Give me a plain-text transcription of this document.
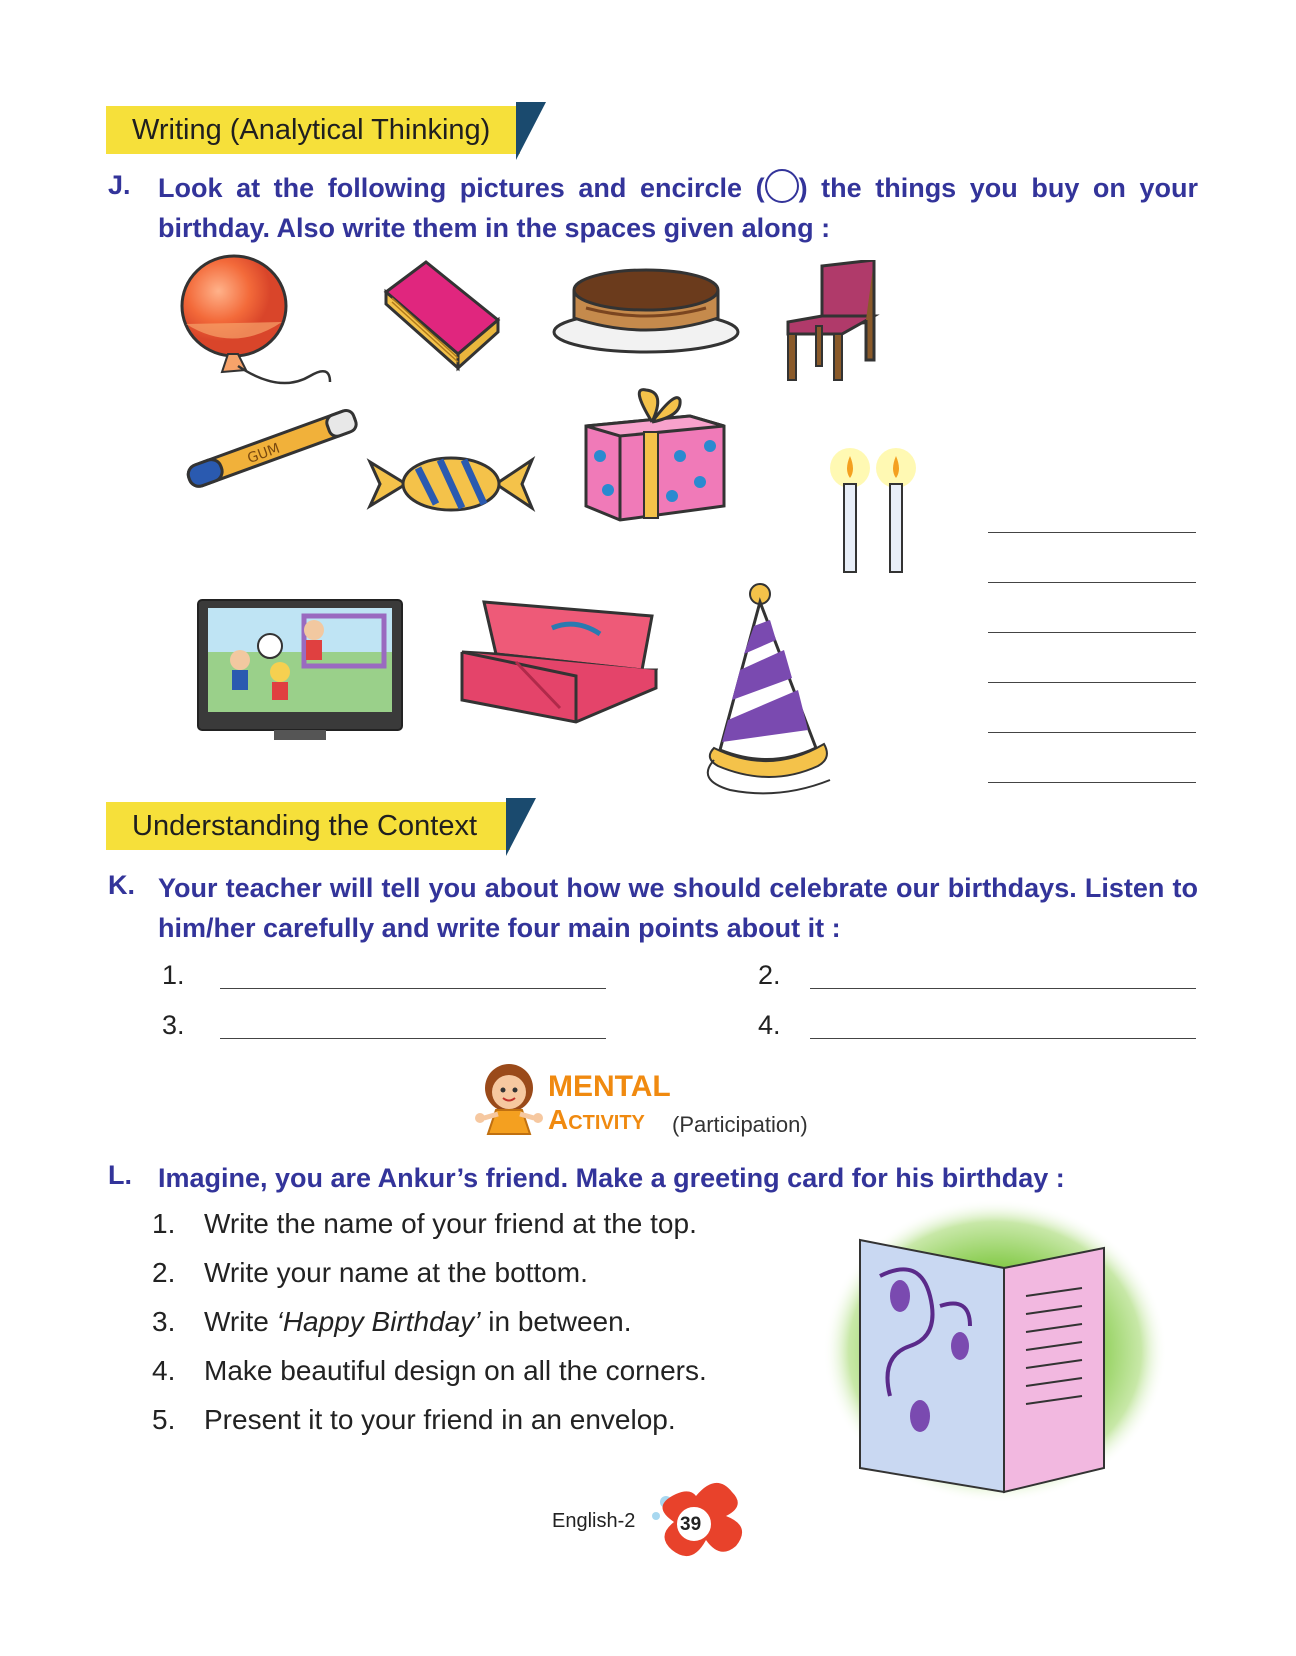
Writing (Analytical Thinking)
J. Look at the following pictures and encircle ( ) the things you buy on your birthday. Also write them in the spaces given along :
GUM
Understanding the Context
K. Your teacher will tell you about how we should celebrate our birthdays. Listen to him/her carefully and write four main points about it :
1.	2.
3.	4.
MENTAL
Activity (Participation)
L. Imagine, you are Ankur’s friend. Make a greeting card for his birthday :
1. Write the name of your friend at the top.
2. Write your name at the bottom.
3. Write ‘Happy Birthday’ in between.
4. Make beautiful design on all the corners.
5. Present it to your friend in an envelop.
English-2 39
